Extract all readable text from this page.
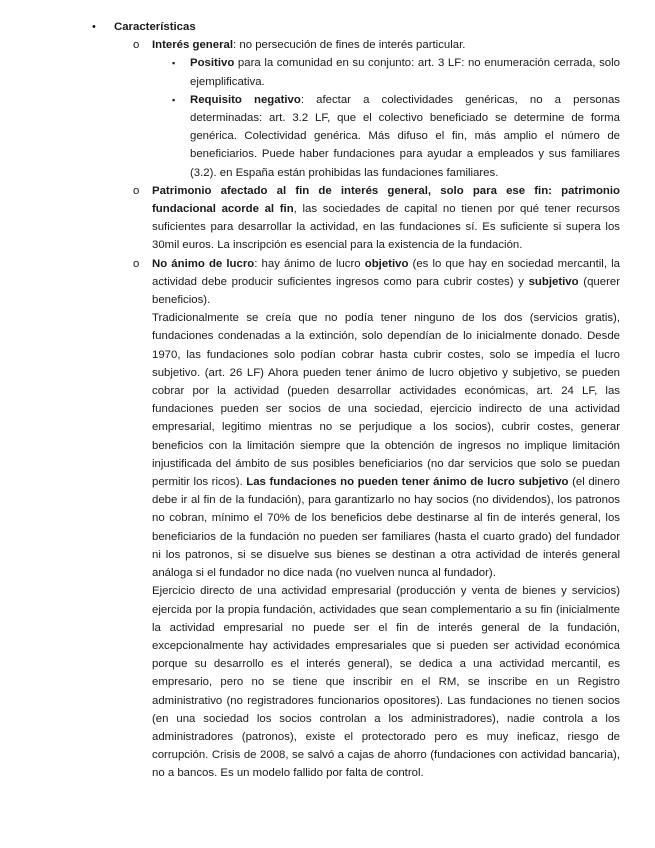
• Características
o Interés general: no persecución de fines de interés particular.

▪ Positivo para la comunidad en su conjunto: art. 3 LF: no enumeración cerrada, solo ejemplificativa.
▪ Requisito negativo: afectar a colectividades genéricas, no a personas determinadas: art. 3.2 LF, que el colectivo beneficiado se determine de forma genérica. Colectividad genérica. Más difuso el fin, más amplio el número de beneficiarios. Puede haber fundaciones para ayudar a empleados y sus familiares (3.2). en España están prohibidas las fundaciones familiares.
o Patrimonio afectado al fin de interés general, solo para ese fin: patrimonio fundacional acorde al fin, las sociedades de capital no tienen por qué tener recursos suficientes para desarrollar la actividad, en las fundaciones sí. Es suficiente si supera los 30mil euros. La inscripción es esencial para la existencia de la fundación.
o No ánimo de lucro: hay ánimo de lucro objetivo (es lo que hay en sociedad mercantil, la actividad debe producir suficientes ingresos como para cubrir costes) y subjetivo (querer beneficios).

Tradicionalmente se creía que no podía tener ninguno de los dos (servicios gratis), fundaciones condenadas a la extinción, solo dependían de lo inicialmente donado. Desde 1970, las fundaciones solo podían cobrar hasta cubrir costes, solo se impedía el lucro subjetivo. (art. 26 LF) Ahora pueden tener ánimo de lucro objetivo y subjetivo, se pueden cobrar por la actividad (pueden desarrollar actividades económicas, art. 24 LF, las fundaciones pueden ser socios de una sociedad, ejercicio indirecto de una actividad empresarial, legitimo mientras no se perjudique a los socios), cubrir costes, generar beneficios con la limitación siempre que la obtención de ingresos no implique limitación injustificada del ámbito de sus posibles beneficiarios (no dar servicios que solo se puedan permitir los ricos). Las fundaciones no pueden tener ánimo de lucro subjetivo (el dinero debe ir al fin de la fundación), para garantizarlo no hay socios (no dividendos), los patronos no cobran, mínimo el 70% de los beneficios debe destinarse al fin de interés general, los beneficiarios de la fundación no pueden ser familiares (hasta el cuarto grado) del fundador ni los patronos, si se disuelve sus bienes se destinan a otra actividad de interés general análoga si el fundador no dice nada (no vuelven nunca al fundador).

Ejercicio directo de una actividad empresarial (producción y venta de bienes y servicios) ejercida por la propia fundación, actividades que sean complementario a su fin (inicialmente la actividad empresarial no puede ser el fin de interés general de la fundación, excepcionalmente hay actividades empresariales que si pueden ser actividad económica porque su desarrollo es el interés general), se dedica a una actividad mercantil, es empresario, pero no se tiene que inscribir en el RM, se inscribe en un Registro administrativo (no registradores funcionarios opositores). Las fundaciones no tienen socios (en una sociedad los socios controlan a los administradores), nadie controla a los administradores (patronos), existe el protectorado pero es muy ineficaz, riesgo de corrupción. Crisis de 2008, se salvó a cajas de ahorro (fundaciones con actividad bancaria), no a bancos. Es un modelo fallido por falta de control.
